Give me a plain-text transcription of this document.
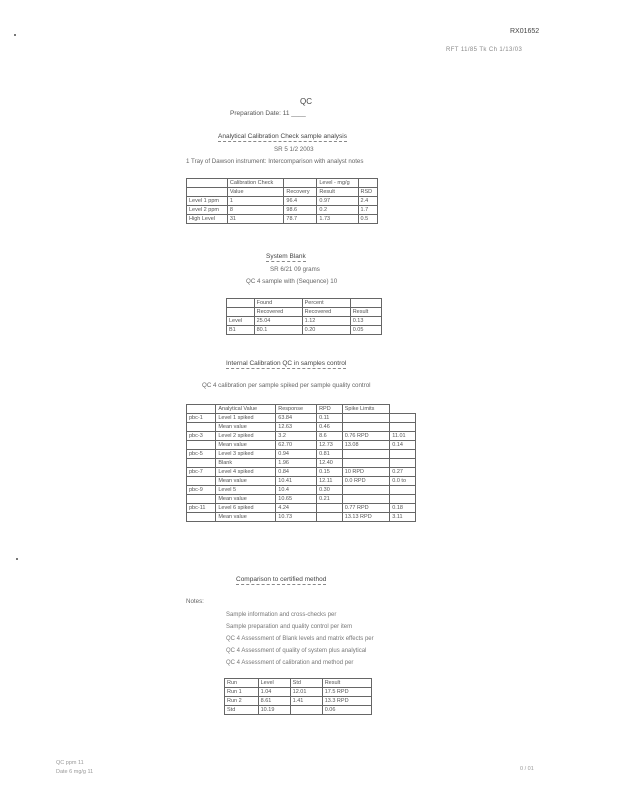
RX01652
RFT 11/85 Tk Ch 1/13/03
QC
Preparation Date: 11 ____
Analytical Calibration Check sample analysis
SR 5 1/2 2003
1 Tray of Dawson instrument: Intercomparison with analyst notes
	Calibration Check		Level - mg/g	
	Value	Recovery	Result	RSD
Level 1 ppm	1	96.4	0.97	2.4
Level 2 ppm	8	98.6	0.2	1.7
High Level	31	78.7	1.73	0.5
System Blank
SR 6/21 09 grams
QC 4 sample with (Sequence) 10
	Found	Percent	
	Recovered	Recovered	Result
Level	25.04	1.12	0.13
B1	80.1	0.20	0.05
Internal Calibration QC in samples control
QC 4 calibration per sample spiked per sample quality control
	Analytical Value	Response	RPD	Spike Limits	
pbc-1	Level 1 spiked	63.84	0.11		
	Mean value	12.63	0.46		
pbc-3	Level 2 spiked	3.2	8.6	0.76 RPD	11.01
	Mean value	62.70	12.73	13.08	0.14
pbc-5	Level 3 spiked	0.94	0.81		
	Blank	1.96	12.40		
pbc-7	Level 4 spiked	0.84	0.15	10 RPD	0.27
	Mean value	10.41	12.11	0.0 RPD	0.0 to
pbc-9	Level 5	10.4	0.30		
	Mean value	10.65	0.21		
pbc-11	Level 6 spiked	4.24		0.77 RPD	0.18
	Mean value	10.73		13.13 RPD	3.11
Comparison to certified method
Notes:
Sample information and cross-checks per
Sample preparation and quality control per item
QC 4 Assessment of Blank levels and matrix effects per
QC 4 Assessment of quality of system plus analytical
QC 4 Assessment of calibration and method per
Run	Level	Std	Result
Run 1	1.04	12.01	17.5 RPD
Run 2	8.61	1.41	13.3 RPD
Std	10.19		0.06
QC ppm 11
Date 6 mg/g 11	0 / 01
